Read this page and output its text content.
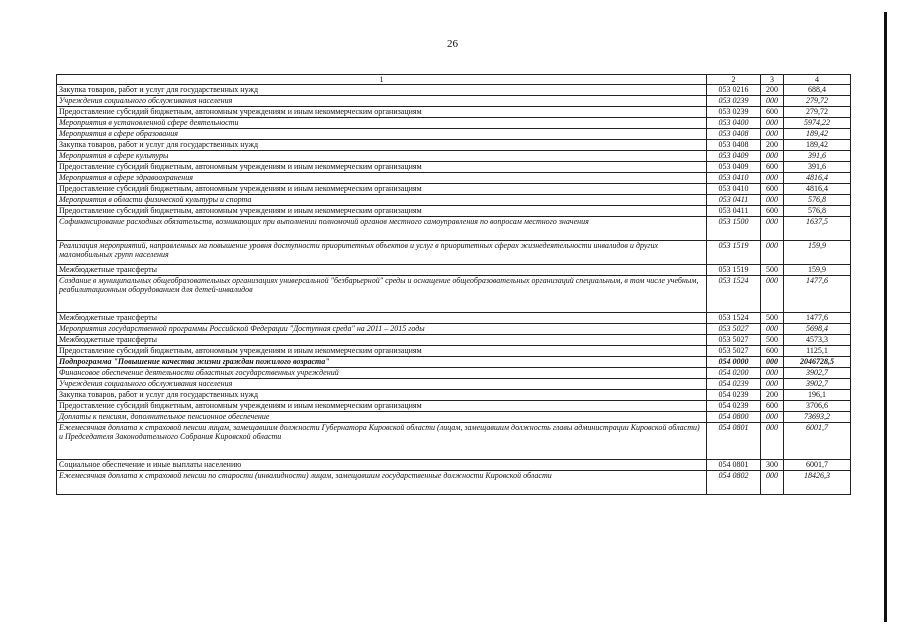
26
1	2	3	4
Закупка товаров, работ и услуг для государственных нужд	053 0216	200	688,4
Учреждения социального обслуживания населения	053 0239	000	279,72
Предоставление субсидий бюджетным, автономным учреждениям и иным некоммерческим организациям	053 0239	600	279,72
Мероприятия в установленной сфере деятельности	053 0400	000	5974,22
Мероприятия в сфере образования	053 0408	000	189,42
Закупка товаров, работ и услуг для государственных нужд	053 0408	200	189,42
Мероприятия в сфере культуры	053 0409	000	391,6
Предоставление субсидий бюджетным, автономным учреждениям и иным некоммерческим организациям	053 0409	600	391,6
Мероприятия в сфере здравоохранения	053 0410	000	4816,4
Предоставление субсидий бюджетным, автономным учреждениям и иным некоммерческим организациям	053 0410	600	4816,4
Мероприятия в области физической культуры и спорта	053 0411	000	576,8
Предоставление субсидий бюджетным, автономным учреждениям и иным некоммерческим организациям	053 0411	600	576,8
Софинансирование расходных обязательств, возникающих при выполнении полномочий органов местного самоуправления по вопросам местного значения	053 1500	000	1637,5
Реализация мероприятий, направленных на повышение уровня доступности приоритетных объектов и услуг в приоритетных сферах жизнедеятельности инвалидов и других маломобильных групп населения	053 1519	000	159,9
Межбюджетные трансферты	053 1519	500	159,9
Создание в муниципальных общеобразовательных организациях универсальной "безбарьерной" среды и оснащение общеобразовательных организаций специальным, в том числе учебным, реабилитационным оборудованием для детей-инвалидов	053 1524	000	1477,6
Межбюджетные трансферты	053 1524	500	1477,6
Мероприятия государственной программы Российской Федерации "Доступная среда" на 2011 – 2015 годы	053 5027	000	5698,4
Межбюджетные трансферты	053 5027	500	4573,3
Предоставление субсидий бюджетным, автономным учреждениям и иным некоммерческим организациям	053 5027	600	1125,1
Подпрограмма "Повышение качества жизни граждан пожилого возраста"	054 0000	000	2046728,5
Финансовое обеспечение деятельности областных государственных учреждений	054 0200	000	3902,7
Учреждения социального обслуживания населения	054 0239	000	3902,7
Закупка товаров, работ и услуг для государственных нужд	054 0239	200	196,1
Предоставление субсидий бюджетным, автономным учреждениям и иным некоммерческим организациям	054 0239	600	3706,6
Доплаты к пенсиям, дополнительное пенсионное обеспечение	054 0800	000	73693,2
Ежемесячная доплата к страховой пенсии лицам, замещавшим должности Губернатора Кировской области (лицам, замещавшим должность главы администрации Кировской области) и Председателя Законодательного Собрания Кировской области	054 0801	000	6001,7
Социальное обеспечение и иные выплаты населению	054 0801	300	6001,7
Ежемесячная доплата к страховой пенсии по старости (инвалидности) лицам, замещавшим государственные должности Кировской области	054 0802	000	18426,3
